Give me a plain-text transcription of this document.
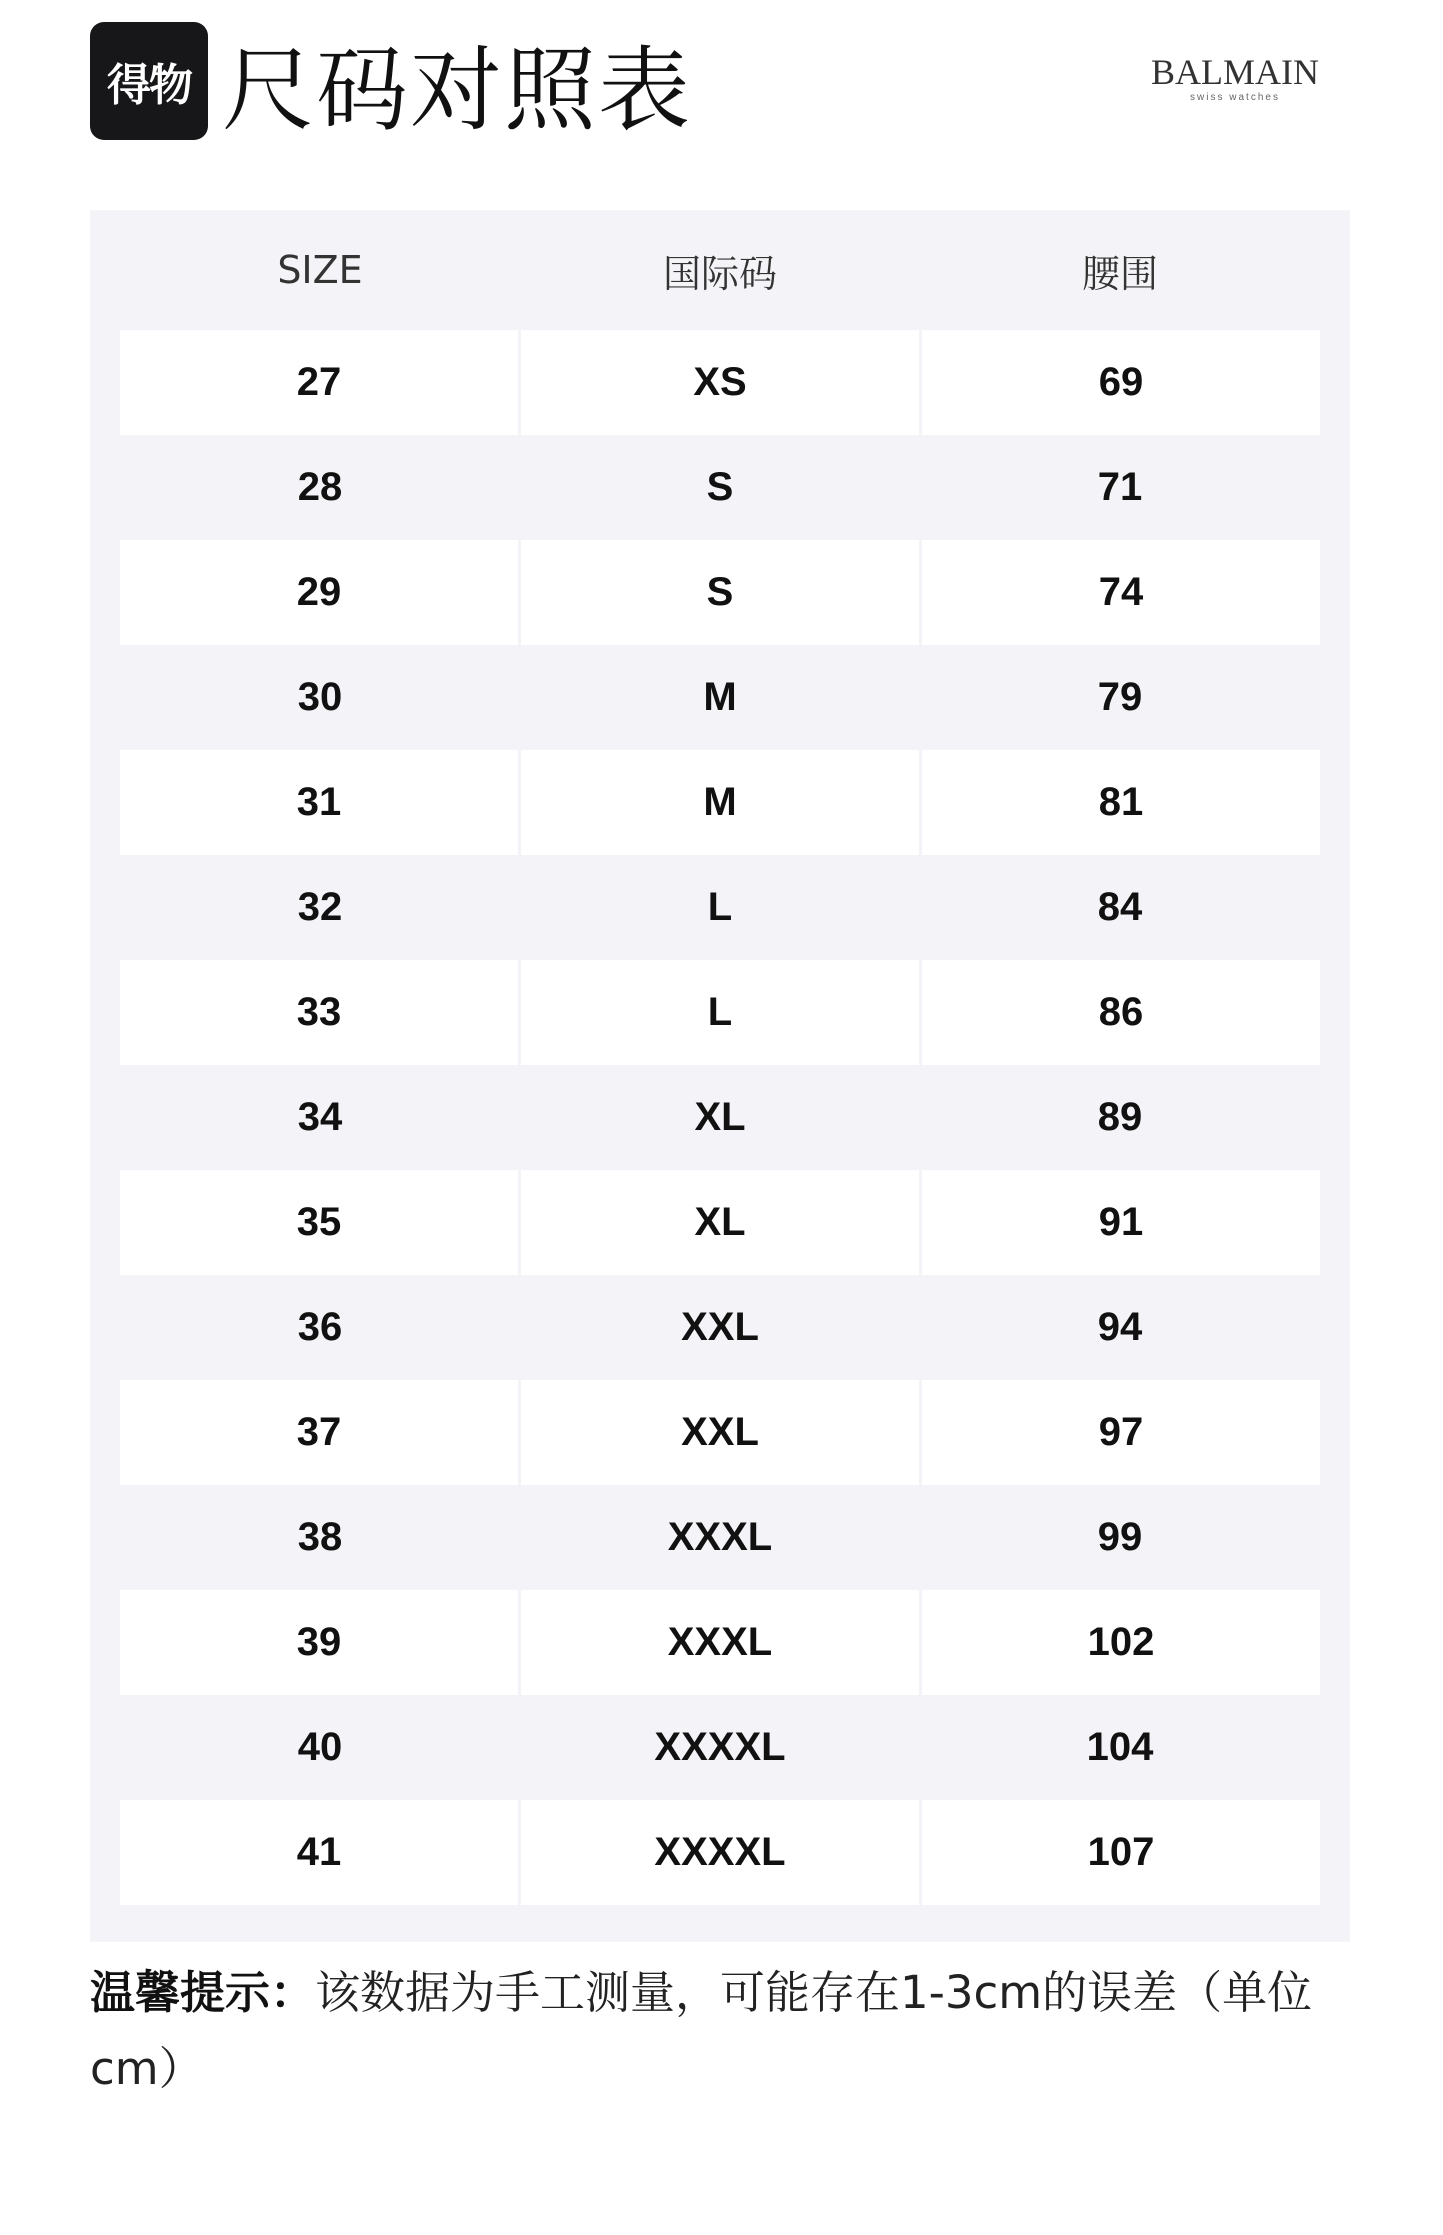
得物 尺码对照表	BALMAIN
swiss watches
SIZE	国际码	腰围
27	XS	69
28	S	71
29	S	74
30	M	79
31	M	81
32	L	84
33	L	86
34	XL	89
35	XL	91
36	XXL	94
37	XXL	97
38	XXXL	99
39	XXXL	102
40	XXXXL	104
41	XXXXL	107
温馨提示：该数据为手工测量，可能存在1-3cm的误差（单位cm）
